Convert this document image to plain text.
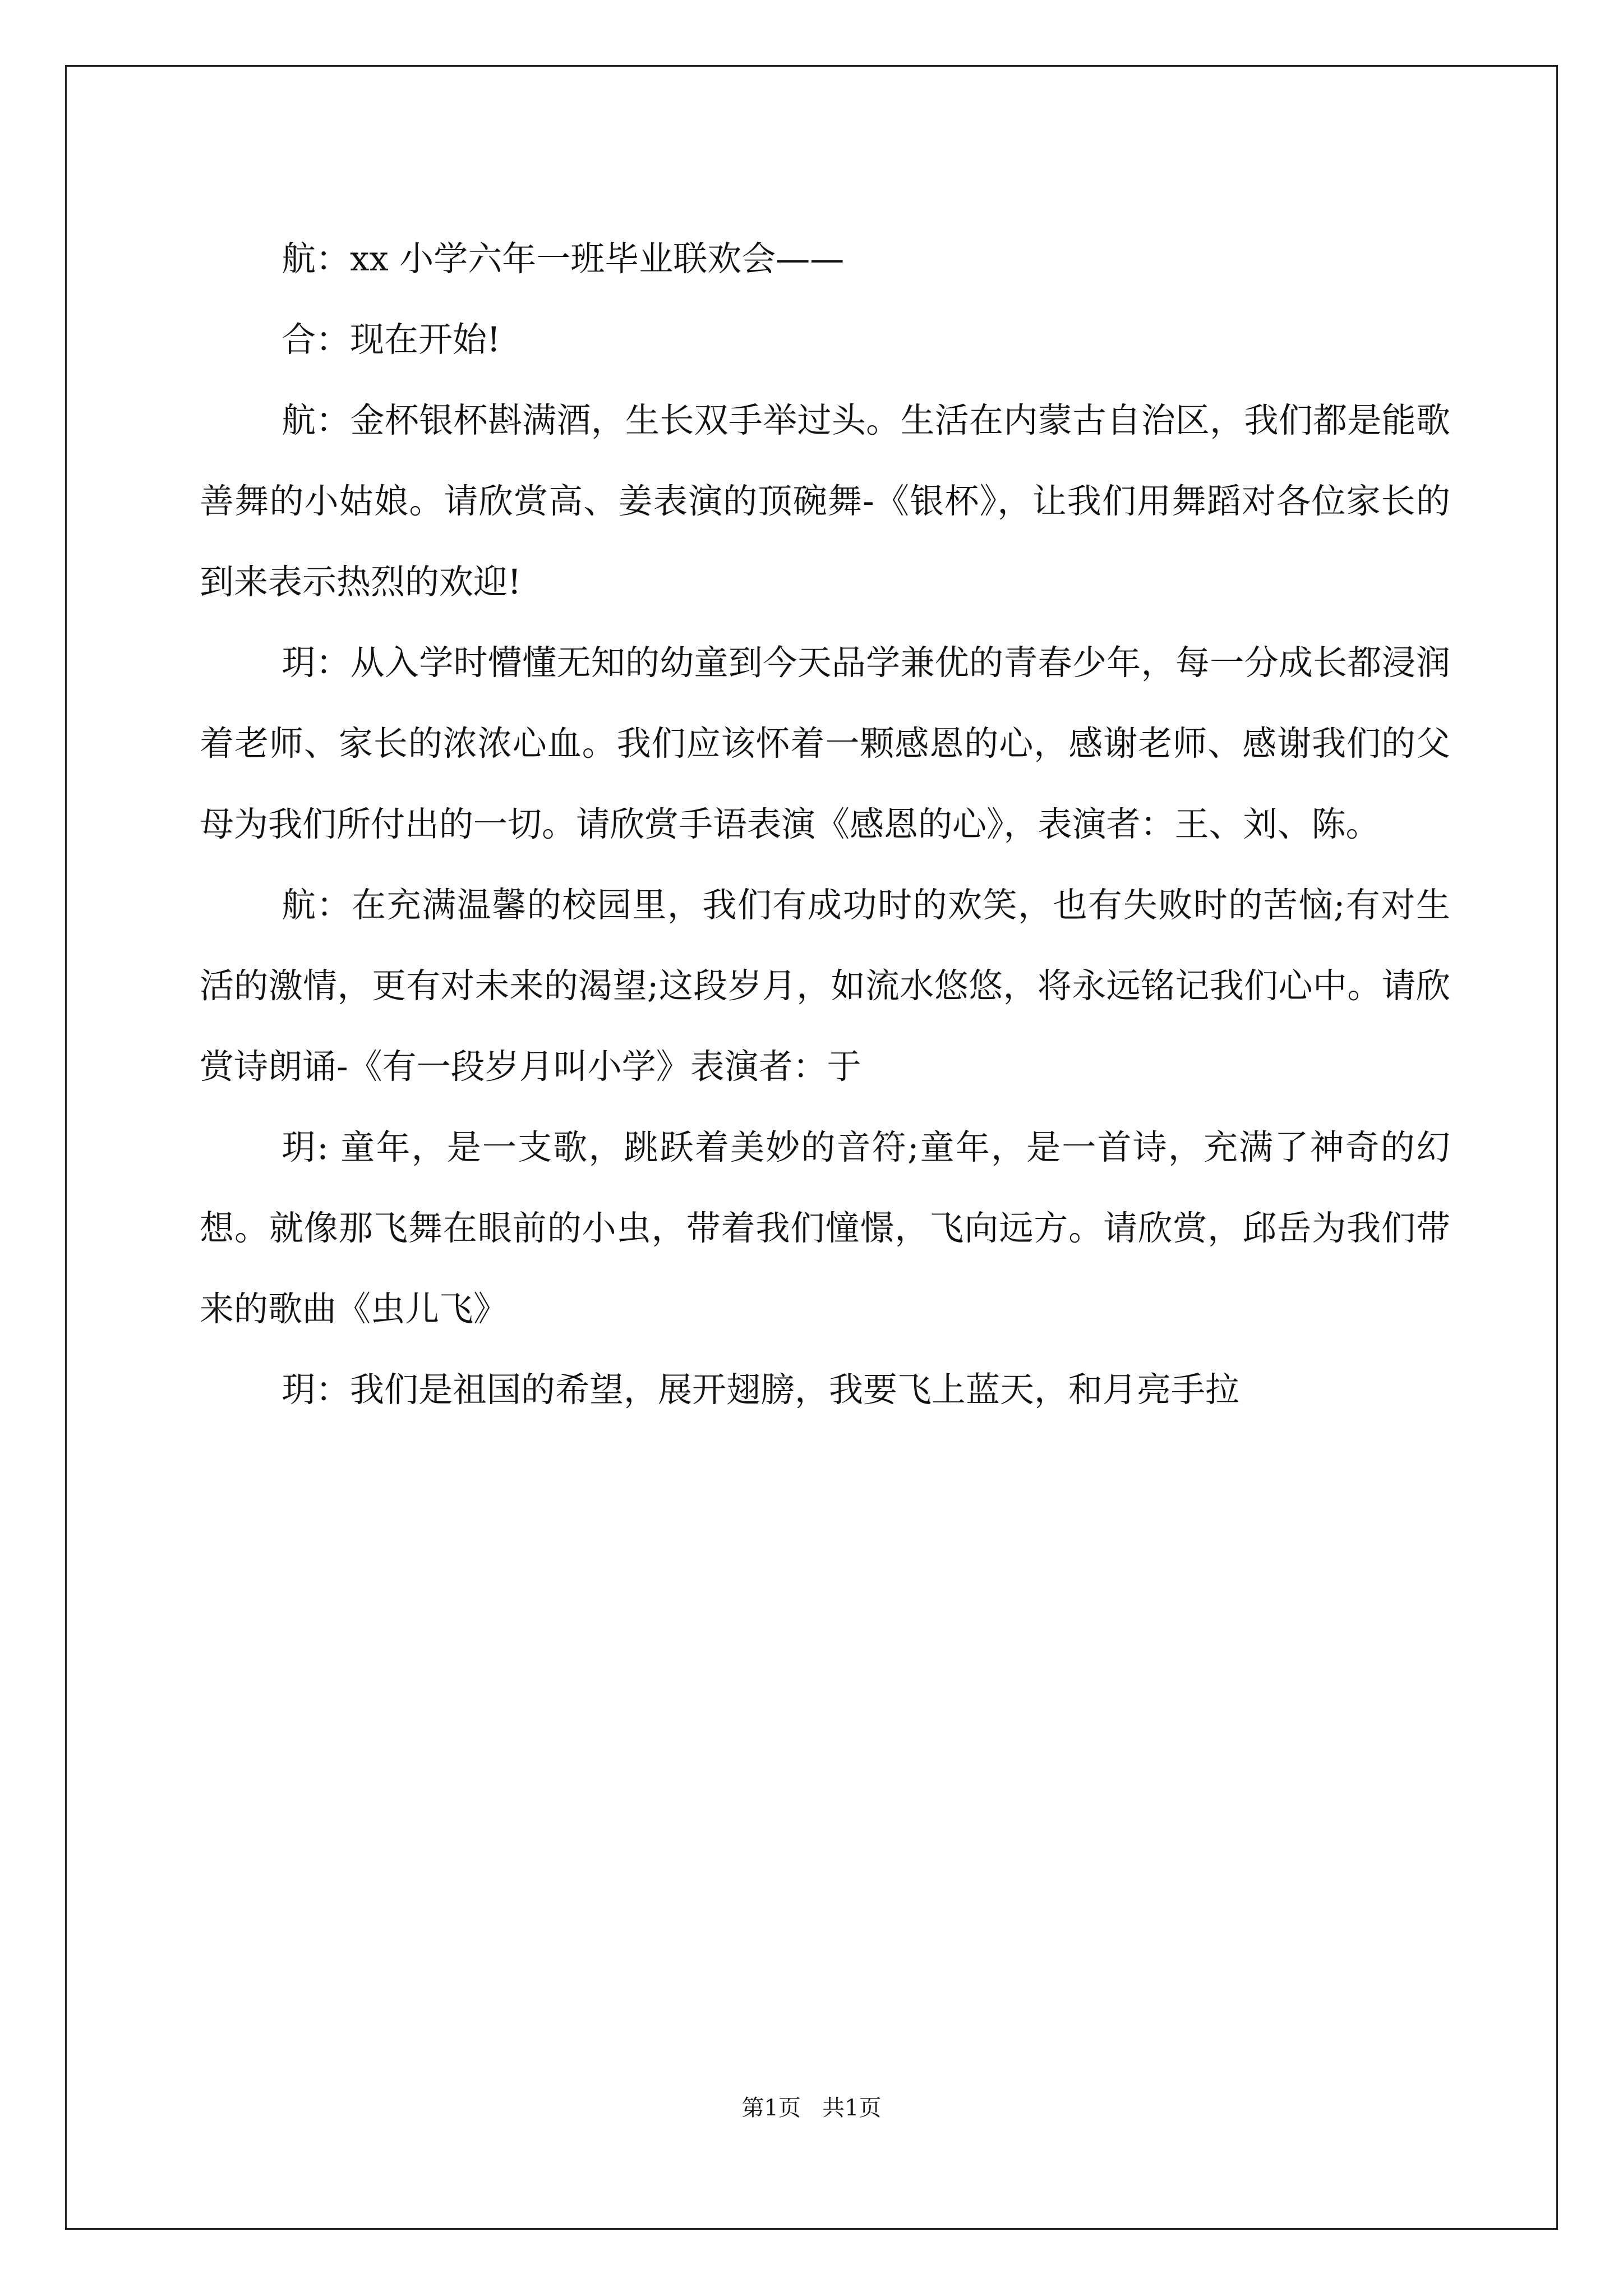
航：xx 小学六年一班毕业联欢会——

合：现在开始!

航：金杯银杯斟满酒，生长双手举过头。生活在内蒙古自治区，我们都是能歌善舞的小姑娘。请欣赏高、姜表演的顶碗舞-《银杯》，让我们用舞蹈对各位家长的到来表示热烈的欢迎!

玥：从入学时懵懂无知的幼童到今天品学兼优的青春少年，每一分成长都浸润着老师、家长的浓浓心血。我们应该怀着一颗感恩的心，感谢老师、感谢我们的父母为我们所付出的一切。请欣赏手语表演《感恩的心》，表演者：王、刘、陈。

航：在充满温馨的校园里，我们有成功时的欢笑，也有失败时的苦恼;有对生活的激情，更有对未来的渴望;这段岁月，如流水悠悠，将永远铭记我们心中。请欣赏诗朗诵-《有一段岁月叫小学》表演者：于

玥: 童年，是一支歌，跳跃着美妙的音符;童年，是一首诗，充满了神奇的幻想。就像那飞舞在眼前的小虫，带着我们憧憬，飞向远方。请欣赏，邱岳为我们带来的歌曲《虫儿飞》

玥：我们是祖国的希望，展开翅膀，我要飞上蓝天，和月亮手拉

第1页   共1页
